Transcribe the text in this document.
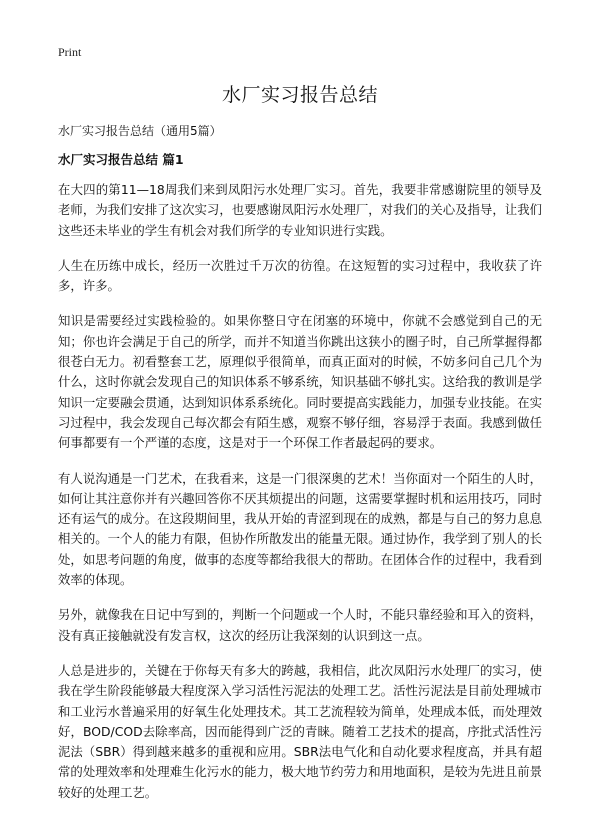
Print
水厂实习报告总结
水厂实习报告总结（通用5篇）
水厂实习报告总结 篇1

在大四的第11—18周我们来到凤阳污水处理厂实习。首先，我要非常感谢院里的领导及老师，为我们安排了这次实习，也要感谢凤阳污水处理厂，对我们的关心及指导，让我们这些还未毕业的学生有机会对我们所学的专业知识进行实践。

人生在历练中成长，经历一次胜过千万次的彷徨。在这短暂的实习过程中，我收获了许多，许多。

知识是需要经过实践检验的。如果你整日守在闭塞的环境中，你就不会感觉到自己的无知；你也许会满足于自己的所学，而并不知道当你跳出这狭小的圈子时，自己所掌握得都很苍白无力。初看整套工艺，原理似乎很简单，而真正面对的时候，不妨多问自己几个为什么，这时你就会发现自己的知识体系不够系统，知识基础不够扎实。这给我的教训是学知识一定要融会贯通，达到知识体系系统化。同时要提高实践能力，加强专业技能。在实习过程中，我会发现自己每次都会有陌生感，观察不够仔细，容易浮于表面。我感到做任何事都要有一个严谨的态度，这是对于一个环保工作者最起码的要求。

有人说沟通是一门艺术，在我看来，这是一门很深奥的艺术！当你面对一个陌生的人时，如何让其注意你并有兴趣回答你不厌其烦提出的问题，这需要掌握时机和运用技巧，同时还有运气的成分。在这段期间里，我从开始的青涩到现在的成熟，都是与自己的努力息息相关的。一个人的能力有限，但协作所散发出的能量无限。通过协作，我学到了别人的长处，如思考问题的角度，做事的态度等都给我很大的帮助。在团体合作的过程中，我看到效率的体现。

另外，就像我在日记中写到的，判断一个问题或一个人时，不能只靠经验和耳入的资料，没有真正接触就没有发言权，这次的经历让我深刻的认识到这一点。

人总是进步的，关键在于你每天有多大的跨越，我相信，此次凤阳污水处理厂的实习，使我在学生阶段能够最大程度深入学习活性污泥法的处理工艺。活性污泥法是目前处理城市和工业污水普遍采用的好氧生化处理技术。其工艺流程较为简单，处理成本低，而处理效好，BOD/COD去除率高，因而能得到广泛的青睐。随着工艺技术的提高，序批式活性污泥法（SBR）得到越来越多的重视和应用。SBR法电气化和自动化要求程度高，并具有超常的处理效率和处理难生化污水的能力，极大地节约劳力和用地面积，是较为先进且前景较好的处理工艺。
